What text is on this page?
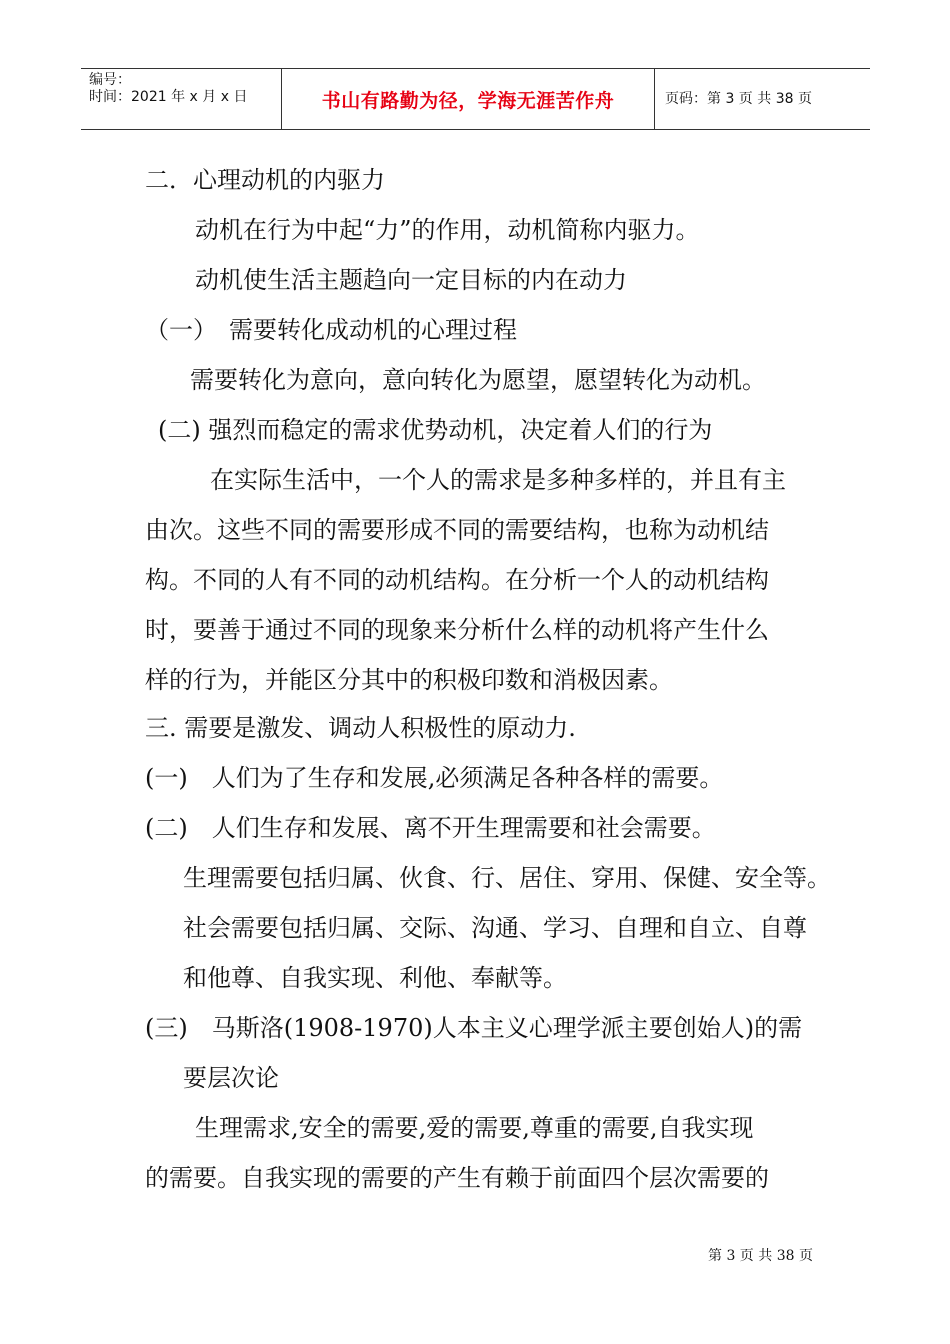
编号：
时间：2021 年 x 月 x 日	书山有路勤为径，学海无涯苦作舟	页码：第 3 页 共 38 页
二．心理动机的内驱力
动机在行为中起“力”的作用，动机简称内驱力。
动机使生活主题趋向一定目标的内在动力
（一）　需要转化成动机的心理过程
需要转化为意向，意向转化为愿望，愿望转化为动机。
(二) 强烈而稳定的需求优势动机，决定着人们的行为
在实际生活中，一个人的需求是多种多样的，并且有主
由次。这些不同的需要形成不同的需要结构，也称为动机结
构。不同的人有不同的动机结构。在分析一个人的动机结构
时，要善于通过不同的现象来分析什么样的动机将产生什么
样的行为，并能区分其中的积极印数和消极因素。
三. 需要是激发、调动人积极性的原动力.
(一)　人们为了生存和发展,必须满足各种各样的需要。
(二)　人们生存和发展、离不开生理需要和社会需要。
生理需要包括归属、伙食、行、居住、穿用、保健、安全等。
社会需要包括归属、交际、沟通、学习、自理和自立、自尊
和他尊、自我实现、利他、奉献等。
(三)　马斯洛(1908-1970)人本主义心理学派主要创始人)的需
要层次论
生理需求,安全的需要,爱的需要,尊重的需要,自我实现
的需要。自我实现的需要的产生有赖于前面四个层次需要的
第 3 页 共 38 页
